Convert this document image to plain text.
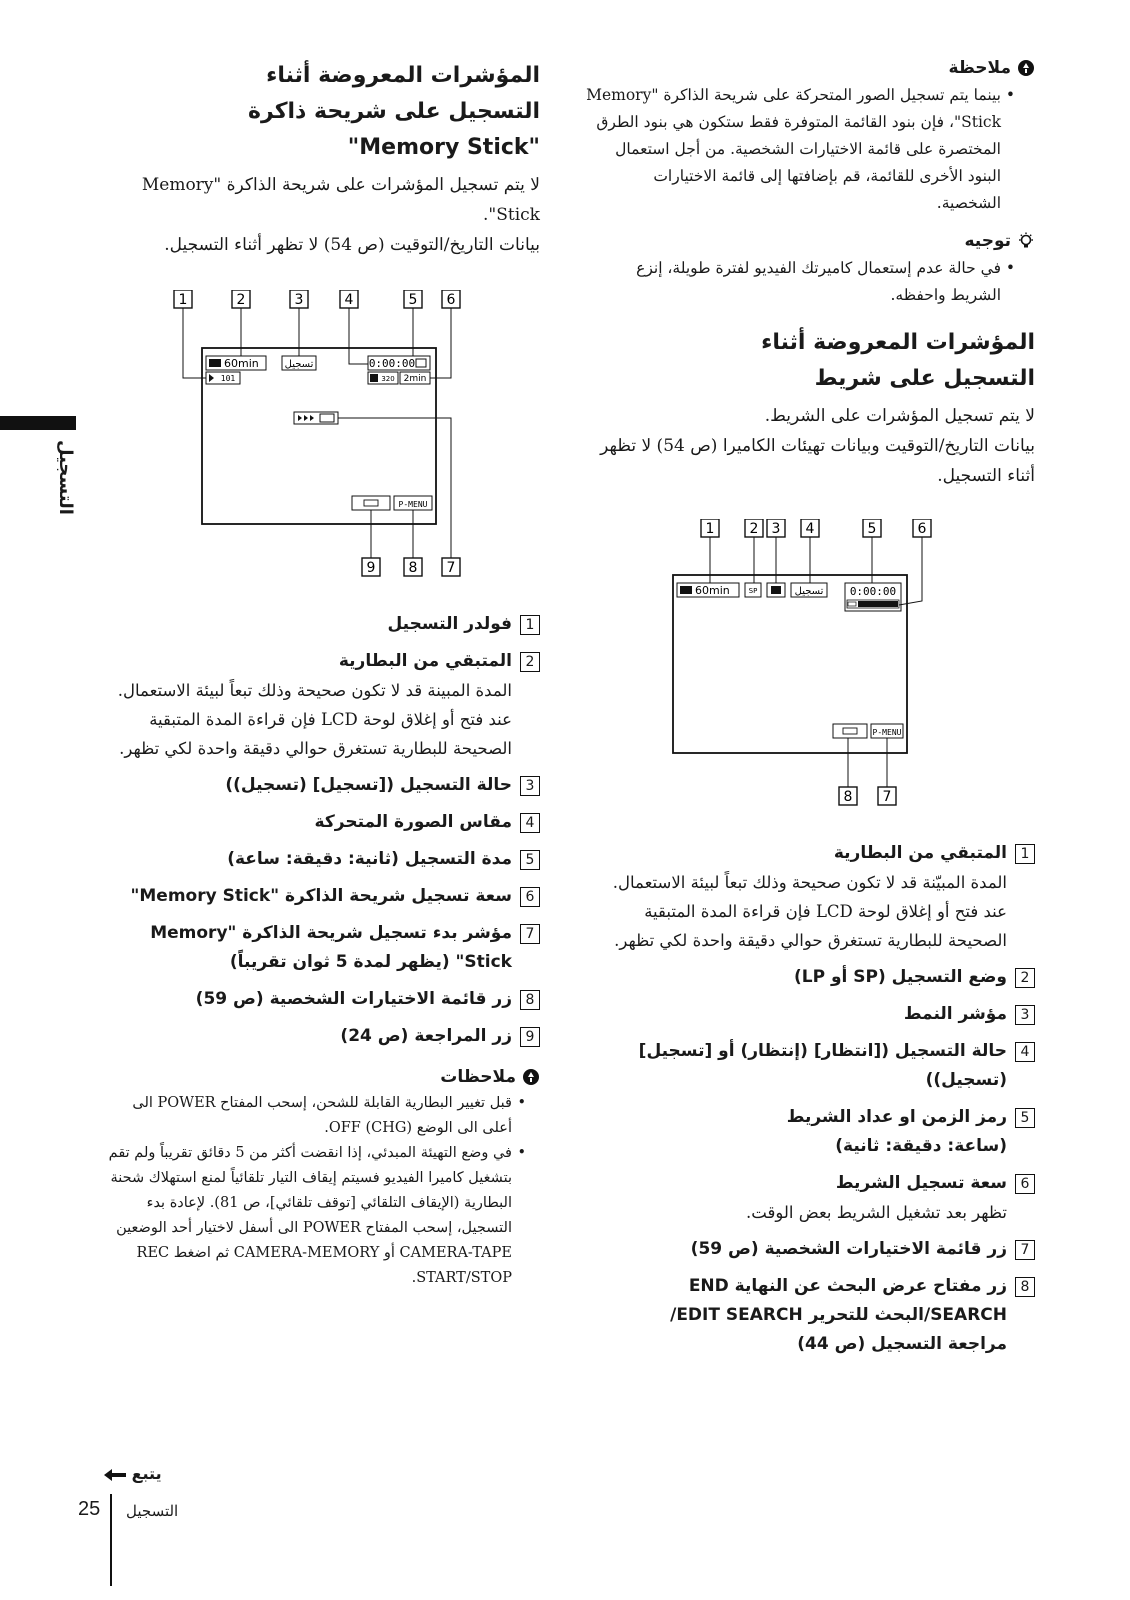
التسجيل
ملاحظة

• بينما يتم تسجيل الصور المتحركة على شريحة الذاكرة "Memory Stick"، فإن بنود القائمة المتوفرة فقط ستكون هي بنود الطرق المختصرة على قائمة الاختيارات الشخصية. من أجل استعمال البنود الأخرى للقائمة، قم بإضافتها إلى قائمة الاختيارات الشخصية.

توجيه

• في حالة عدم إستعمال كاميرتك الفيديو لفترة طويلة، إنزع الشريط واحفظه.

المؤشرات المعروضة أثناء التسجيل على شريط

لا يتم تسجيل المؤشرات على الشريط.

بيانات التاريخ/التوقيت وبيانات تهيئات الكاميرا (ص 54) لا تظهر أثناء التسجيل.

1	2 3 4	5	6
60min	SP	تسجيل 0:00:00
P-MENU
8 7
1
المتبقي من البطارية

المدة المبيّنة قد لا تكون صحيحة وذلك تبعاً لبيئة الاستعمال.

عند فتح أو إغلاق لوحة LCD فإن قراءة المدة المتبقية الصحيحة للبطارية تستغرق حوالي دقيقة واحدة لكي تظهر.

2
وضع التسجيل (SP أو LP)
3
مؤشر النمط
4
حالة التسجيل ([انتظار] (إنتظار) أو [تسجيل] (تسجيل))
5
رمز الزمن او عداد الشريط (ساعة: دقيقة: ثانية)
6
سعة تسجيل الشريط

تظهر بعد تشغيل الشريط بعض الوقت.

7
زر قائمة الاختيارات الشخصية (ص 59)
8
زر مفتاح عرض البحث عن النهاية END SEARCH/البحث للتحرير EDIT SEARCH/ مراجعة التسجيل (ص 44)
المؤشرات المعروضة أثناء التسجيل على شريحة ذاكرة "Memory Stick"

لا يتم تسجيل المؤشرات على شريحة الذاكرة "Memory Stick".

بيانات التاريخ/التوقيت (ص 54) لا تظهر أثناء التسجيل.

1	2	3	4	5 6
60min
101
تسجيل	0:00:00
320 2min
P-MENU
9 8 7
1
فولدر التسجيل
2
المتبقي من البطارية

المدة المبينة قد لا تكون صحيحة وذلك تبعاً لبيئة الاستعمال.

عند فتح أو إغلاق لوحة LCD فإن قراءة المدة المتبقية الصحيحة للبطارية تستغرق حوالي دقيقة واحدة لكي تظهر.

3
حالة التسجيل ([تسجيل] (تسجيل))
4
مقاس الصورة المتحركة
5
مدة التسجيل (ثانية: دقيقة: ساعة)
6
سعة تسجيل شريحة الذاكرة "Memory Stick"
7
مؤشر بدء تسجيل شريحة الذاكرة "Memory Stick" (يظهر لمدة 5 ثوان تقريباً)
8
زر قائمة الاختيارات الشخصية (ص 59)
9
زر المراجعة (ص 24)
ملاحظات

• قبل تغيير البطارية القابلة للشحن، إسحب المفتاح POWER الى أعلى الى الوضع OFF (CHG).

• في وضع التهيئة المبدئي، إذا انقضت أكثر من 5 دقائق تقريباً ولم تقم بتشغيل كاميرا الفيديو فسيتم إيقاف التيار تلقائياً لمنع استهلاك شحنة البطارية (الإيقاف التلقائي [توقف تلقائي]، ص 81). لإعادة بدء التسجيل، إسحب المفتاح POWER الى أسفل لاختيار أحد الوضعين CAMERA-TAPE أو CAMERA-MEMORY ثم اضغط REC START/STOP.

يتبع
25 التسجيل
